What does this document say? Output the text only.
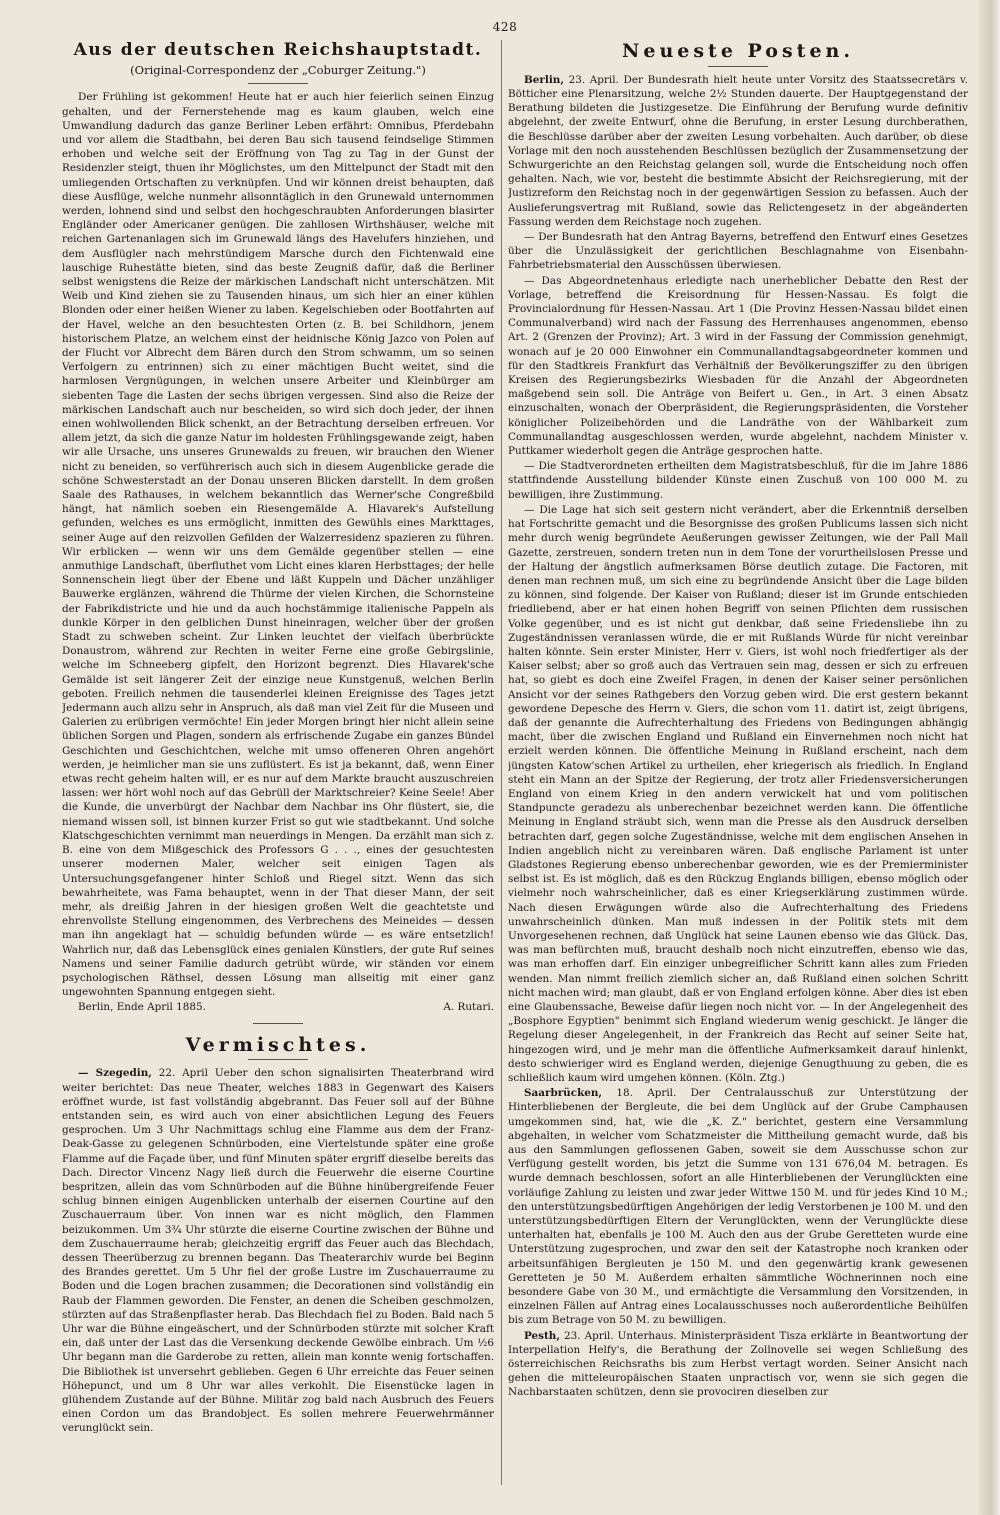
428
Aus der deutschen Reichshauptstadt.
(Original-Correspondenz der „Coburger Zeitung.")

Der Frühling ist gekommen! Heute hat er auch hier feierlich seinen Einzug gehalten, und der Fernerstehende mag es kaum glauben, welch eine Umwandlung dadurch das ganze Berliner Leben erfährt: Omnibus, Pferdebahn und vor allem die Stadtbahn, bei deren Bau sich tausend feindselige Stimmen erhoben und welche seit der Eröffnung von Tag zu Tag in der Gunst der Residenzler steigt, thuen ihr Möglichstes, um den Mittelpunct der Stadt mit den umliegenden Ortschaften zu verknüpfen. Und wir können dreist behaupten, daß diese Ausflüge, welche nunmehr allsonntäglich in den Grunewald unternommen werden, lohnend sind und selbst den hochgeschraubten Anforderungen blasirter Engländer oder Americaner genügen. Die zahllosen Wirthshäuser, welche mit reichen Gartenanlagen sich im Grunewald längs des Havelufers hinziehen, und dem Ausflügler nach mehrstündigem Marsche durch den Fichtenwald eine lauschige Ruhestätte bieten, sind das beste Zeugniß dafür, daß die Berliner selbst wenigstens die Reize der märkischen Landschaft nicht unterschätzen. Mit Weib und Kind ziehen sie zu Tausenden hinaus, um sich hier an einer kühlen Blonden oder einer heißen Wiener zu laben. Kegelschieben oder Bootfahrten auf der Havel, welche an den besuchtesten Orten (z. B. bei Schildhorn, jenem historischem Platze, an welchem einst der heidnische König Jazco von Polen auf der Flucht vor Albrecht dem Bären durch den Strom schwamm, um so seinen Verfolgern zu entrinnen) sich zu einer mächtigen Bucht weitet, sind die harmlosen Vergnügungen, in welchen unsere Arbeiter und Kleinbürger am siebenten Tage die Lasten der sechs übrigen vergessen. Sind also die Reize der märkischen Landschaft auch nur bescheiden, so wird sich doch jeder, der ihnen einen wohlwollenden Blick schenkt, an der Betrachtung derselben erfreuen. Vor allem jetzt, da sich die ganze Natur im holdesten Frühlingsgewande zeigt, haben wir alle Ursache, uns unseres Grunewalds zu freuen, wir brauchen den Wiener nicht zu beneiden, so verführerisch auch sich in diesem Augenblicke gerade die schöne Schwesterstadt an der Donau unseren Blicken darstellt. In dem großen Saale des Rathauses, in welchem bekanntlich das Werner'sche Congreßbild hängt, hat nämlich soeben ein Riesengemälde A. Hlavarek's Aufstellung gefunden, welches es uns ermöglicht, inmitten des Gewühls eines Markttages, seiner Auge auf den reizvollen Gefilden der Walzerresidenz spazieren zu führen. Wir erblicken — wenn wir uns dem Gemälde gegenüber stellen — eine anmuthige Landschaft, überfluthet vom Licht eines klaren Herbsttages; der helle Sonnenschein liegt über der Ebene und läßt Kuppeln und Dächer unzähliger Bauwerke erglänzen, während die Thürme der vielen Kirchen, die Schornsteine der Fabrikdistricte und hie und da auch hochstämmige italienische Pappeln als dunkle Körper in den gelblichen Dunst hineinragen, welcher über der großen Stadt zu schweben scheint. Zur Linken leuchtet der vielfach überbrückte Donaustrom, während zur Rechten in weiter Ferne eine große Gebirgslinie, welche im Schneeberg gipfelt, den Horizont begrenzt. Dies Hlavarek'sche Gemälde ist seit längerer Zeit der einzige neue Kunstgenuß, welchen Berlin geboten. Freilich nehmen die tausenderlei kleinen Ereignisse des Tages jetzt Jedermann auch allzu sehr in Anspruch, als daß man viel Zeit für die Museen und Galerien zu erübrigen vermöchte! Ein jeder Morgen bringt hier nicht allein seine üblichen Sorgen und Plagen, sondern als erfrischende Zugabe ein ganzes Bündel Geschichten und Geschichtchen, welche mit umso offeneren Ohren angehört werden, je heimlicher man sie uns zuflüstert. Es ist ja bekannt, daß, wenn Einer etwas recht geheim halten will, er es nur auf dem Markte braucht auszuschreien lassen: wer hört wohl noch auf das Gebrüll der Marktschreier? Keine Seele! Aber die Kunde, die unverbürgt der Nachbar dem Nachbar ins Ohr flüstert, sie, die niemand wissen soll, ist binnen kurzer Frist so gut wie stadtbekannt. Und solche Klatschgeschichten vernimmt man neuerdings in Mengen. Da erzählt man sich z. B. eine von dem Mißgeschick des Professors G . . ., eines der gesuchtesten unserer modernen Maler, welcher seit einigen Tagen als Untersuchungsgefangener hinter Schloß und Riegel sitzt. Wenn das sich bewahrheitete, was Fama behauptet, wenn in der That dieser Mann, der seit mehr, als dreißig Jahren in der hiesigen großen Welt die geachtetste und ehrenvollste Stellung eingenommen, des Verbrechens des Meineides — dessen man ihn angeklagt hat — schuldig befunden würde — es wäre entsetzlich! Wahrlich nur, daß das Lebensglück eines genialen Künstlers, der gute Ruf seines Namens und seiner Familie dadurch getrübt würde, wir ständen vor einem psychologischen Räthsel, dessen Lösung man allseitig mit einer ganz ungewohnten Spannung entgegen sieht.

Berlin, Ende April 1885.	A. Rutari.
Vermischtes.

— Szegedin, 22. April Ueber den schon signalisirten Theaterbrand wird weiter berichtet: Das neue Theater, welches 1883 in Gegenwart des Kaisers eröffnet wurde, ist fast vollständig abgebrannt. Das Feuer soll auf der Bühne entstanden sein, es wird auch von einer absichtlichen Legung des Feuers gesprochen. Um 3 Uhr Nachmittags schlug eine Flamme aus dem der Franz-Deak-Gasse zu gelegenen Schnürboden, eine Viertelstunde später eine große Flamme auf die Façade über, und fünf Minuten später ergriff dieselbe bereits das Dach. Director Vincenz Nagy ließ durch die Feuerwehr die eiserne Courtine bespritzen, allein das vom Schnürboden auf die Bühne hinübergreifende Feuer schlug binnen einigen Augenblicken unterhalb der eisernen Courtine auf den Zuschauerraum über. Von innen war es nicht möglich, den Flammen beizukommen. Um 3¾ Uhr stürzte die eiserne Courtine zwischen der Bühne und dem Zuschauerraume herab; gleichzeitig ergriff das Feuer auch das Blechdach, dessen Theerüberzug zu brennen begann. Das Theaterarchiv wurde bei Beginn des Brandes gerettet. Um 5 Uhr fiel der große Lustre im Zuschauerraume zu Boden und die Logen brachen zusammen; die Decorationen sind vollständig ein Raub der Flammen geworden. Die Fenster, an denen die Scheiben geschmolzen, stürzten auf das Straßenpflaster herab. Das Blechdach fiel zu Boden. Bald nach 5 Uhr war die Bühne eingeäschert, und der Schnürboden stürzte mit solcher Kraft ein, daß unter der Last das die Versenkung deckende Gewölbe einbrach. Um ½6 Uhr begann man die Garderobe zu retten, allein man konnte wenig fortschaffen. Die Bibliothek ist unversehrt geblieben. Gegen 6 Uhr erreichte das Feuer seinen Höhepunct, und um 8 Uhr war alles verkohlt. Die Eisenstücke lagen in glühendem Zustande auf der Bühne. Militär zog bald nach Ausbruch des Feuers einen Cordon um das Brandobject. Es sollen mehrere Feuerwehrmänner verunglückt sein.

Neueste Posten.

Berlin, 23. April. Der Bundesrath hielt heute unter Vorsitz des Staatssecretärs v. Bötticher eine Plenarsitzung, welche 2½ Stunden dauerte. Der Hauptgegenstand der Berathung bildeten die Justizgesetze. Die Einführung der Berufung wurde definitiv abgelehnt, der zweite Entwurf, ohne die Berufung, in erster Lesung durchberathen, die Beschlüsse darüber aber der zweiten Lesung vorbehalten. Auch darüber, ob diese Vorlage mit den noch ausstehenden Beschlüssen bezüglich der Zusammensetzung der Schwurgerichte an den Reichstag gelangen soll, wurde die Entscheidung noch offen gehalten. Nach, wie vor, besteht die bestimmte Absicht der Reichsregierung, mit der Justizreform den Reichstag noch in der gegenwärtigen Session zu befassen. Auch der Auslieferungsvertrag mit Rußland, sowie das Relictengesetz in der abgeänderten Fassung werden dem Reichstage noch zugehen.

— Der Bundesrath hat den Antrag Bayerns, betreffend den Entwurf eines Gesetzes über die Unzulässigkeit der gerichtlichen Beschlagnahme von Eisenbahn-Fahrbetriebsmaterial den Ausschüssen überwiesen.

— Das Abgeordnetenhaus erledigte nach unerheblicher Debatte den Rest der Vorlage, betreffend die Kreisordnung für Hessen-Nassau. Es folgt die Provincialordnung für Hessen-Nassau. Art 1 (Die Provinz Hessen-Nassau bildet einen Communalverband) wird nach der Fassung des Herrenhauses angenommen, ebenso Art. 2 (Grenzen der Provinz); Art. 3 wird in der Fassung der Commission genehmigt, wonach auf je 20 000 Einwohner ein Communallandtagsabgeordneter kommen und für den Stadtkreis Frankfurt das Verhältniß der Bevölkerungsziffer zu den übrigen Kreisen des Regierungsbezirks Wiesbaden für die Anzahl der Abgeordneten maßgebend sein soll. Die Anträge von Beifert u. Gen., in Art. 3 einen Absatz einzuschalten, wonach der Oberpräsident, die Regierungspräsidenten, die Vorsteher königlicher Polizeibehörden und die Landräthe von der Wählbarkeit zum Communallandtag ausgeschlossen werden, wurde abgelehnt, nachdem Minister v. Puttkamer wiederholt gegen die Anträge gesprochen hatte.

— Die Stadtverordneten ertheilten dem Magistratsbeschluß, für die im Jahre 1886 stattfindende Ausstellung bildender Künste einen Zuschuß von 100 000 M. zu bewilligen, ihre Zustimmung.

— Die Lage hat sich seit gestern nicht verändert, aber die Erkenntniß derselben hat Fortschritte gemacht und die Besorgnisse des großen Publicums lassen sich nicht mehr durch wenig begründete Aeußerungen gewisser Zeitungen, wie der Pall Mall Gazette, zerstreuen, sondern treten nun in dem Tone der vorurtheilslosen Presse und der Haltung der ängstlich aufmerksamen Börse deutlich zutage. Die Factoren, mit denen man rechnen muß, um sich eine zu begründende Ansicht über die Lage bilden zu können, sind folgende. Der Kaiser von Rußland; dieser ist im Grunde entschieden friedliebend, aber er hat einen hohen Begriff von seinen Pflichten dem russischen Volke gegenüber, und es ist nicht gut denkbar, daß seine Friedensliebe ihn zu Zugeständnissen veranlassen würde, die er mit Rußlands Würde für nicht vereinbar halten könnte. Sein erster Minister, Herr v. Giers, ist wohl noch friedfertiger als der Kaiser selbst; aber so groß auch das Vertrauen sein mag, dessen er sich zu erfreuen hat, so giebt es doch eine Zweifel Fragen, in denen der Kaiser seiner persönlichen Ansicht vor der seines Rathgebers den Vorzug geben wird. Die erst gestern bekannt gewordene Depesche des Herrn v. Giers, die schon vom 11. datirt ist, zeigt übrigens, daß der genannte die Aufrechterhaltung des Friedens von Bedingungen abhängig macht, über die zwischen England und Rußland ein Einvernehmen noch nicht hat erzielt werden können. Die öffentliche Meinung in Rußland erscheint, nach dem jüngsten Katow'schen Artikel zu urtheilen, eher kriegerisch als friedlich. In England steht ein Mann an der Spitze der Regierung, der trotz aller Friedensversicherungen England von einem Krieg in den andern verwickelt hat und vom politischen Standpuncte geradezu als unberechenbar bezeichnet werden kann. Die öffentliche Meinung in England sträubt sich, wenn man die Presse als den Ausdruck derselben betrachten darf, gegen solche Zugeständnisse, welche mit dem englischen Ansehen in Indien angeblich nicht zu vereinbaren wären. Daß englische Parlament ist unter Gladstones Regierung ebenso unberechenbar geworden, wie es der Premierminister selbst ist. Es ist möglich, daß es den Rückzug Englands billigen, ebenso möglich oder vielmehr noch wahrscheinlicher, daß es einer Kriegserklärung zustimmen würde. Nach diesen Erwägungen würde also die Aufrechterhaltung des Friedens unwahrscheinlich dünken. Man muß indessen in der Politik stets mit dem Unvorgesehenen rechnen, daß Unglück hat seine Launen ebenso wie das Glück. Das, was man befürchten muß, braucht deshalb noch nicht einzutreffen, ebenso wie das, was man erhoffen darf. Ein einziger unbegreiflicher Schritt kann alles zum Frieden wenden. Man nimmt freilich ziemlich sicher an, daß Rußland einen solchen Schritt nicht machen wird; man glaubt, daß er von England erfolgen könne. Aber dies ist eben eine Glaubenssache, Beweise dafür liegen noch nicht vor. — In der Angelegenheit des „Bosphore Egyptien" benimmt sich England wiederum wenig geschickt. Je länger die Regelung dieser Angelegenheit, in der Frankreich das Recht auf seiner Seite hat, hingezogen wird, und je mehr man die öffentliche Aufmerksamkeit darauf hinlenkt, desto schwieriger wird es England werden, diejenige Genugthuung zu geben, die es schließlich kaum wird umgehen können. (Köln. Ztg.)

Saarbrücken, 18. April. Der Centralausschuß zur Unterstützung der Hinterbliebenen der Bergleute, die bei dem Unglück auf der Grube Camphausen umgekommen sind, hat, wie die „K. Z." berichtet, gestern eine Versammlung abgehalten, in welcher vom Schatzmeister die Mittheilung gemacht wurde, daß bis aus den Sammlungen geflossenen Gaben, soweit sie dem Ausschusse schon zur Verfügung gestellt worden, bis jetzt die Summe von 131 676,04 M. betragen. Es wurde demnach beschlossen, sofort an alle Hinterbliebenen der Verunglückten eine vorläufige Zahlung zu leisten und zwar jeder Wittwe 150 M. und für jedes Kind 10 M.; den unterstützungsbedürftigen Angehörigen der ledig Verstorbenen je 100 M. und den unterstützungsbedürftigen Eltern der Verunglückten, wenn der Verunglückte diese unterhalten hat, ebenfalls je 100 M. Auch den aus der Grube Geretteten wurde eine Unterstützung zugesprochen, und zwar den seit der Katastrophe noch kranken oder arbeitsunfähigen Bergleuten je 150 M. und den gegenwärtig krank gewesenen Geretteten je 50 M. Außerdem erhalten sämmtliche Wöchnerinnen noch eine besondere Gabe von 30 M., und ermächtigte die Versammlung den Vorsitzenden, in einzelnen Fällen auf Antrag eines Localausschusses noch außerordentliche Beihülfen bis zum Betrage von 50 M. zu bewilligen.

Pesth, 23. April. Unterhaus. Ministerpräsident Tisza erklärte in Beantwortung der Interpellation Helfy's, die Berathung der Zollnovelle sei wegen Schließung des österreichischen Reichsraths bis zum Herbst vertagt worden. Seiner Ansicht nach gehen die mitteleuropäischen Staaten unpractisch vor, wenn sie sich gegen die Nachbarstaaten schützen, denn sie provociren dieselben zur
